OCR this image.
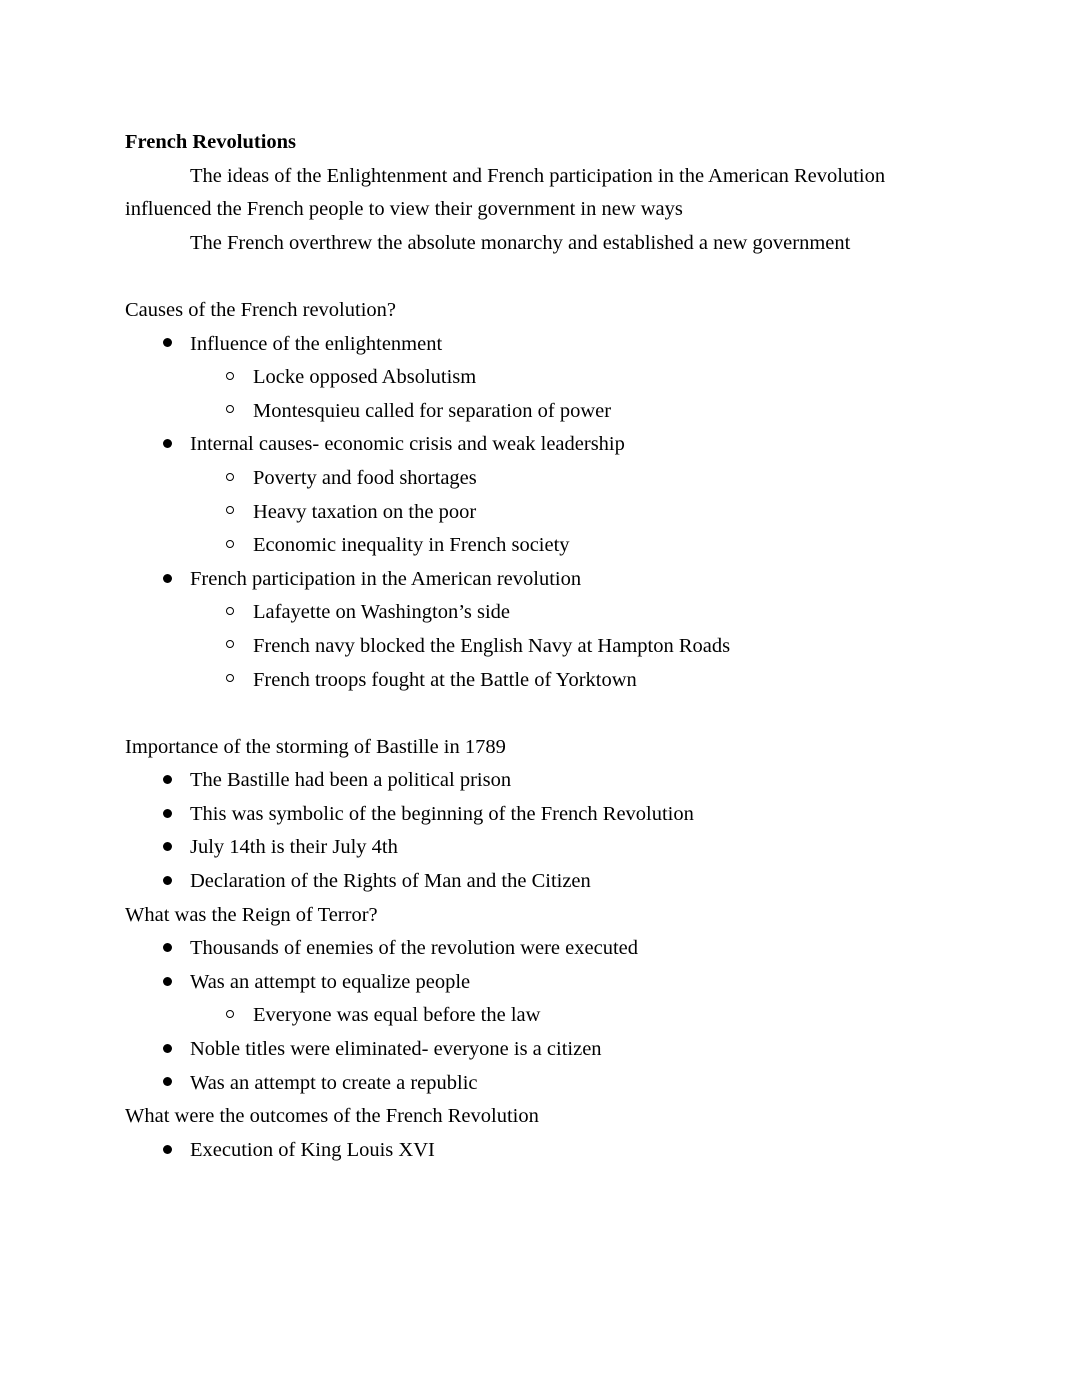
French Revolutions
The ideas of the Enlightenment and French participation in the American Revolution influenced the French people to view their government in new ways
The French overthrew the absolute monarchy and established a new government

Causes of the French revolution?
Influence of the enlightenment
Locke opposed Absolutism
Montesquieu called for separation of power
Internal causes- economic crisis and weak leadership
Poverty and food shortages
Heavy taxation on the poor
Economic inequality in French society
French participation in the American revolution
Lafayette on Washington’s side
French navy blocked the English Navy at Hampton Roads
French troops fought at the Battle of Yorktown

Importance of the storming of Bastille in 1789
The Bastille had been a political prison
This was symbolic of the beginning of the French Revolution
July 14th is their July 4th
Declaration of the Rights of Man and the Citizen
What was the Reign of Terror?
Thousands of enemies of the revolution were executed
Was an attempt to equalize people
Everyone was equal before the law
Noble titles were eliminated- everyone is a citizen
Was an attempt to create a republic
What were the outcomes of the French Revolution
Execution of King Louis XVI
